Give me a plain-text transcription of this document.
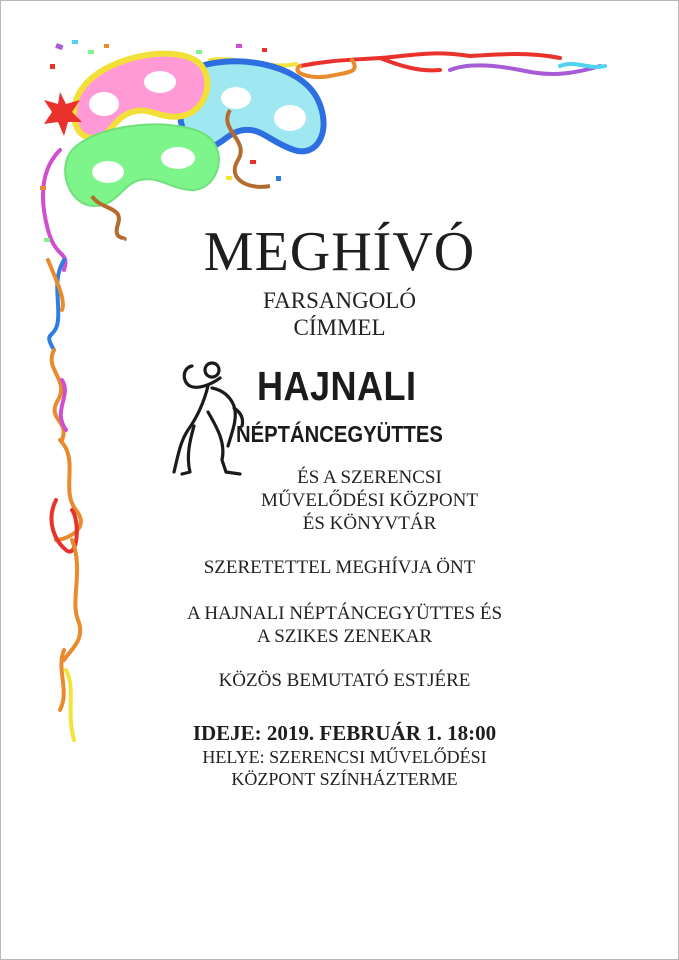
MEGHÍVÓ
FARSANGOLÓ
CÍMMEL
HAJNALI
NÉPTÁNCEGYÜTTES
ÉS A SZERENCSI
MŰVELŐDÉSI KÖZPONT
ÉS KÖNYVTÁR
SZERETETTEL MEGHÍVJA ÖNT
A HAJNALI NÉPTÁNCEGYÜTTES ÉS
A SZIKES ZENEKAR
KÖZÖS BEMUTATÓ ESTJÉRE
IDEJE: 2019. FEBRUÁR 1. 18:00
HELYE: SZERENCSI MŰVELŐDÉSI
KÖZPONT SZÍNHÁZTERME
